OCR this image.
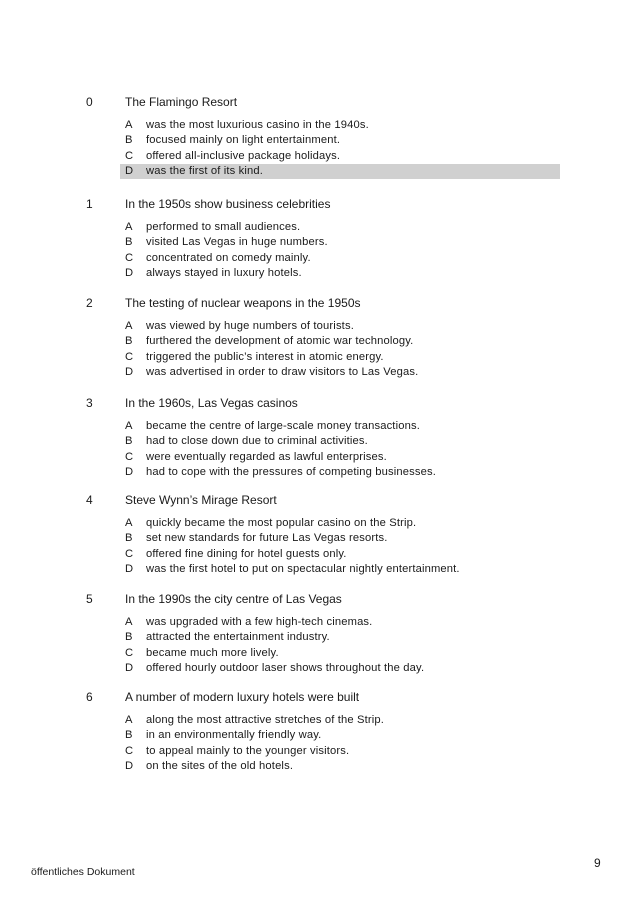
0	The Flamingo Resort
A was the most luxurious casino in the 1940s.
B focused mainly on light entertainment.
C offered all-inclusive package holidays.
D was the first of its kind.
1	In the 1950s show business celebrities
A performed to small audiences.
B visited Las Vegas in huge numbers.
C concentrated on comedy mainly.
D always stayed in luxury hotels.
2	The testing of nuclear weapons in the 1950s
A was viewed by huge numbers of tourists.
B furthered the development of atomic war technology.
C triggered the public’s interest in atomic energy.
D was advertised in order to draw visitors to Las Vegas.
3	In the 1960s, Las Vegas casinos
A became the centre of large-scale money transactions.
B had to close down due to criminal activities.
C were eventually regarded as lawful enterprises.
D had to cope with the pressures of competing businesses.
4	Steve Wynn’s Mirage Resort
A quickly became the most popular casino on the Strip.
B set new standards for future Las Vegas resorts.
C offered fine dining for hotel guests only.
D was the first hotel to put on spectacular nightly entertainment.
5	In the 1990s the city centre of Las Vegas
A was upgraded with a few high-tech cinemas.
B attracted the entertainment industry.
C became much more lively.
D offered hourly outdoor laser shows throughout the day.
6	A number of modern luxury hotels were built
A along the most attractive stretches of the Strip.
B in an environmentally friendly way.
C to appeal mainly to the younger visitors.
D on the sites of the old hotels.
9
öffentliches Dokument
